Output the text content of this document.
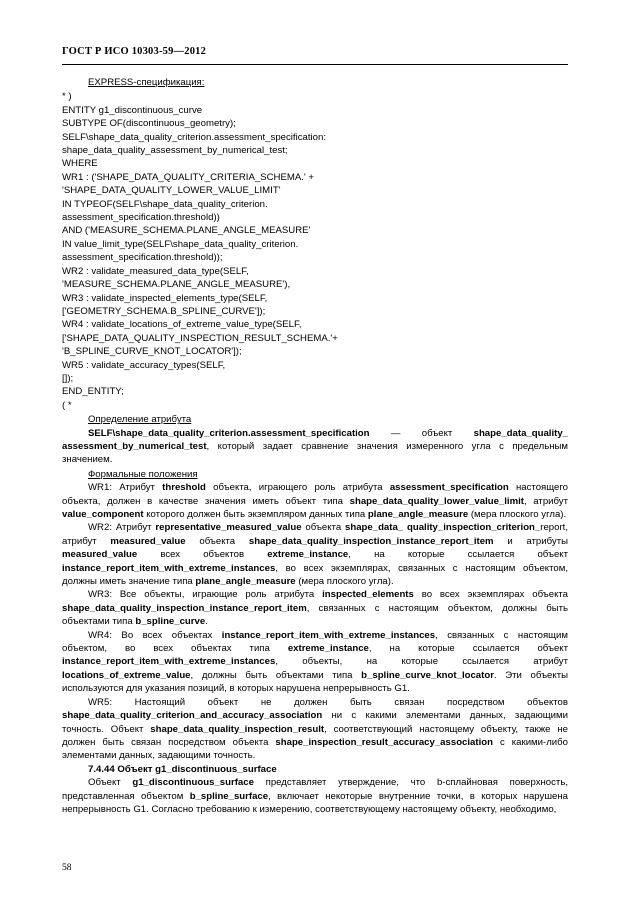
ГОСТ Р ИСО 10303-59—2012
EXPRESS-спецификация:
* )
ENTITY g1_discontinuous_curve
SUBTYPE OF(discontinuous_geometry);
SELF\shape_data_quality_criterion.assessment_specification:
shape_data_quality_assessment_by_numerical_test;
WHERE
WR1 : ('SHAPE_DATA_QUALITY_CRITERIA_SCHEMA.' +
'SHAPE_DATA_QUALITY_LOWER_VALUE_LIMIT'
IN TYPEOF(SELF\shape_data_quality_criterion.
assessment_specification.threshold))
AND ('MEASURE_SCHEMA.PLANE_ANGLE_MEASURE'
IN value_limit_type(SELF\shape_data_quality_criterion.
assessment_specification.threshold));
WR2 : validate_measured_data_type(SELF,
'MEASURE_SCHEMA.PLANE_ANGLE_MEASURE'),
WR3 : validate_inspected_elements_type(SELF,
['GEOMETRY_SCHEMA.B_SPLINE_CURVE']);
WR4 : validate_locations_of_extreme_value_type(SELF,
['SHAPE_DATA_QUALITY_INSPECTION_RESULT_SCHEMA.'+
'B_SPLINE_CURVE_KNOT_LOCATOR']);
WR5 : validate_accuracy_types(SELF,
[]);
END_ENTITY;
( *
Определение атрибута

SELF\shape_data_quality_criterion.assessment_specification — объект shape_data_quality_ assessment_by_numerical_test, который задает сравнение значения измеренного угла с предельным значением.

Формальные положения

WR1: Атрибут threshold объекта, играющего роль атрибута assessment_specification настоящего объекта, должен в качестве значения иметь объект типа shape_data_quality_lower_value_limit, атрибут value_component которого должен быть экземпляром данных типа plane_angle_measure (мера плоского угла).

WR2: Атрибут representative_measured_value объекта shape_data_ quality_inspection_criterion_report, атрибут measured_value объекта shape_data_quality_inspection_instance_report_item и атрибуты measured_value всех объектов extreme_instance, на которые ссылается объект instance_report_item_with_extreme_instances, во всех экземплярах, связанных с настоящим объектом, должны иметь значение типа plane_angle_measure (мера плоского угла).

WR3: Все объекты, играющие роль атрибута inspected_elements во всех экземплярах объекта shape_data_quality_inspection_instance_report_item, связанных с настоящим объектом, должны быть объектами типа b_spline_curve.

WR4: Во всех объектах instance_report_item_with_extreme_instances, связанных с настоящим объектом, во всех объектах типа extreme_instance, на которые ссылается объект instance_report_item_with_extreme_instances, объекты, на которые ссылается атрибут locations_of_extreme_value, должны быть объектами типа b_spline_curve_knot_locator. Эти объекты используются для указания позиций, в которых нарушена непрерывность G1.

WR5: Настоящий объект не должен быть связан посредством объектов shape_data_quality_criterion_and_accuracy_association ни с какими элементами данных, задающими точность. Объект shape_data_quality_inspection_result, соответствующий настоящему объекту, также не должен быть связан посредством объекта shape_inspection_result_accuracy_association с какими-либо элементами данных, задающими точность.

7.4.44 Объект g1_discontinuous_surface

Объект g1_discontinuous_surface представляет утверждение, что b-сплайновая поверхность, представленная объектом b_spline_surface, включает некоторые внутренние точки, в которых нарушена непрерывность G1. Согласно требованию к измерению, соответствующему настоящему объекту, необходимо,

58
